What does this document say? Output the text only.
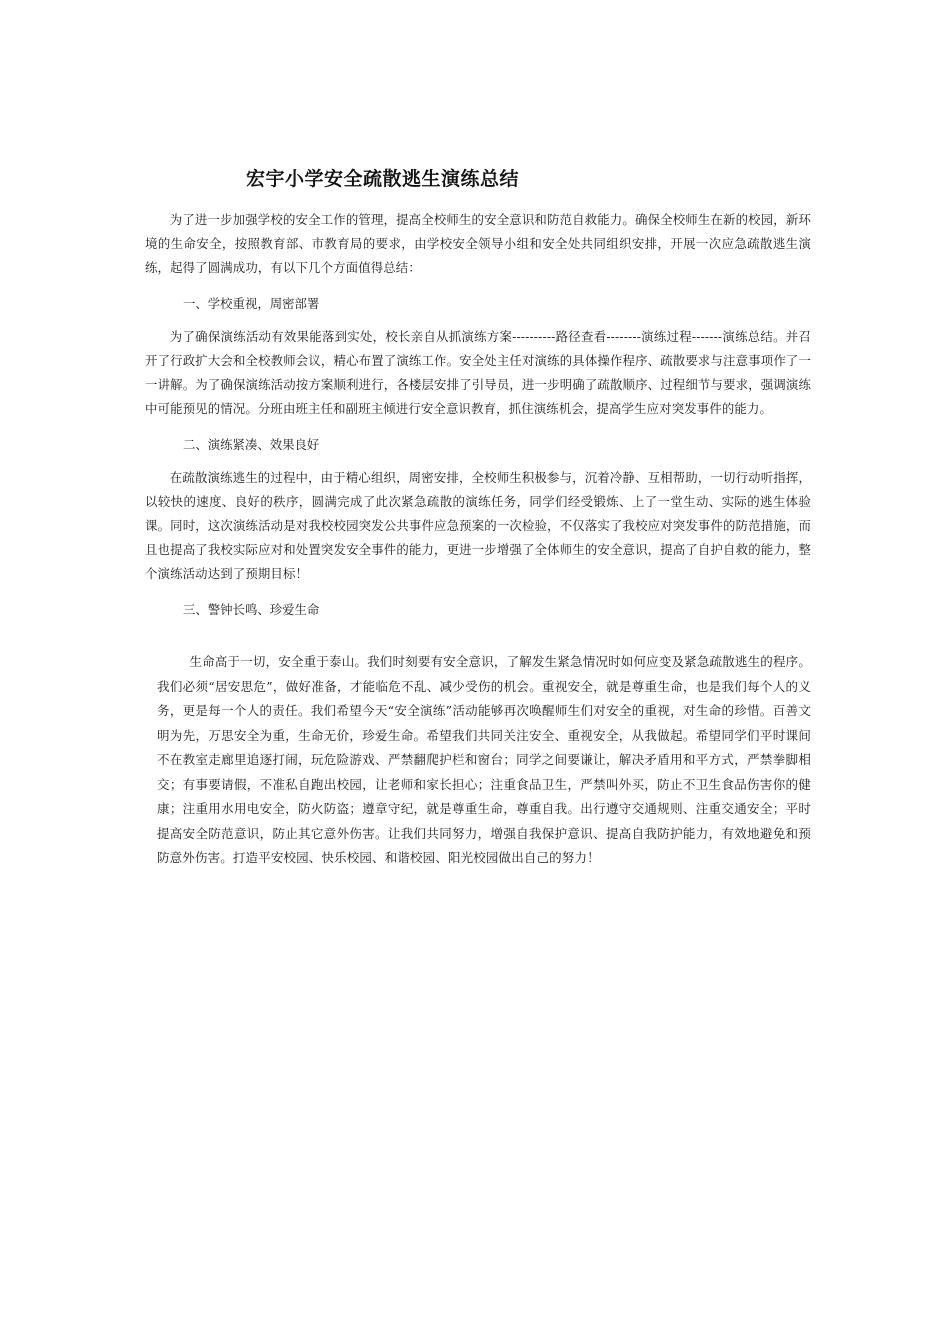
宏宇小学安全疏散逃生演练总结

为了进一步加强学校的安全工作的管理，提高全校师生的安全意识和防范自救能力。确保全校师生在新的校园，新环境的生命安全，按照教育部、市教育局的要求，由学校安全领导小组和安全处共同组织安排，开展一次应急疏散逃生演练，起得了圆满成功，有以下几个方面值得总结：

一、学校重视，周密部署

为了确保演练活动有效果能落到实处，校长亲自从抓演练方案----------路径查看--------演练过程-------演练总结。并召开了行政扩大会和全校教师会议，精心布置了演练工作。安全处主任对演练的具体操作程序、疏散要求与注意事项作了一一讲解。为了确保演练活动按方案顺利进行，各楼层安排了引导员，进一步明确了疏散顺序、过程细节与要求，强调演练中可能预见的情况。分班由班主任和副班主倾进行安全意识教育，抓住演练机会，提高学生应对突发事件的能力。

二、演练紧凑、效果良好

在疏散演练逃生的过程中，由于精心组织，周密安排，全校师生积极参与，沉着冷静、互相帮助，一切行动听指挥，以较快的速度、良好的秩序，圆满完成了此次紧急疏散的演练任务，同学们经受锻炼、上了一堂生动、实际的逃生体验课。同时，这次演练活动是对我校校园突发公共事件应急预案的一次检验，不仅落实了我校应对突发事件的防范措施，而且也提高了我校实际应对和处置突发安全事件的能力，更进一步增强了全体师生的安全意识，提高了自护自救的能力，整个演练活动达到了预期目标！

三、警钟长鸣、珍爱生命

生命高于一切，安全重于泰山。我们时刻要有安全意识，了解发生紧急情况时如何应变及紧急疏散逃生的程序。我们必须“居安思危”，做好准备，才能临危不乱、减少受伤的机会。重视安全，就是尊重生命，也是我们每个人的义务，更是每一个人的责任。我们希望今天“安全演练”活动能够再次唤醒师生们对安全的重视，对生命的珍惜。百善文明为先，万思安全为重，生命无价，珍爱生命。希望我们共同关注安全、重视安全，从我做起。希望同学们平时课间不在教室走廊里追逐打闹，玩危险游戏、严禁翻爬护栏和窗台；同学之间要谦让，解决矛盾用和平方式，严禁拳脚相交；有事要请假，不准私自跑出校园，让老师和家长担心；注重食品卫生，严禁叫外买，防止不卫生食品伤害你的健康；注重用水用电安全，防火防盗；遵章守纪，就是尊重生命，尊重自我。出行遵守交通规则、注重交通安全；平时提高安全防范意识，防止其它意外伤害。让我们共同努力，增强自我保护意识、提高自我防护能力，有效地避免和预防意外伤害。打造平安校园、快乐校园、和谐校园、阳光校园做出自己的努力！
